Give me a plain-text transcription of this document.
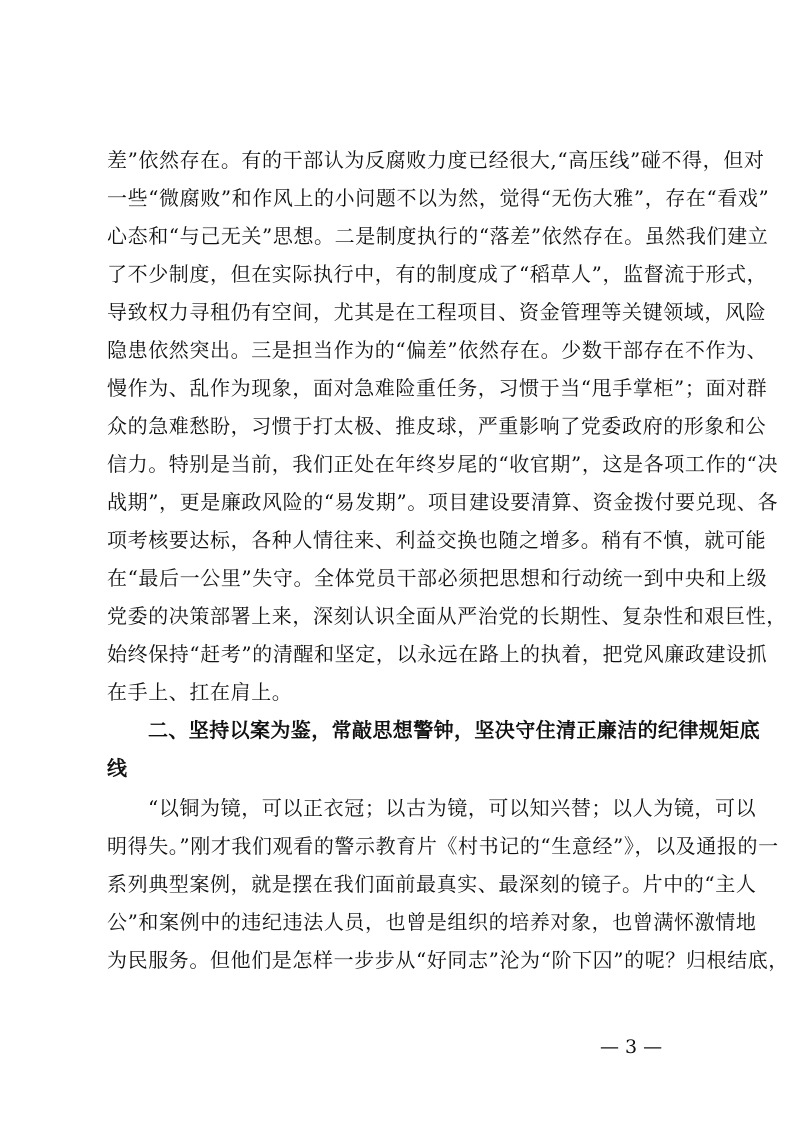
差”依然存在。有的干部认为反腐败力度已经很大,“高压线”碰不得，但对
一些“微腐败”和作风上的小问题不以为然，觉得“无伤大雅”，存在“看戏”
心态和“与己无关”思想。二是制度执行的“落差”依然存在。虽然我们建立
了不少制度，但在实际执行中，有的制度成了“稻草人”，监督流于形式，
导致权力寻租仍有空间，尤其是在工程项目、资金管理等关键领域，风险
隐患依然突出。三是担当作为的“偏差”依然存在。少数干部存在不作为、
慢作为、乱作为现象，面对急难险重任务，习惯于当“甩手掌柜”；面对群
众的急难愁盼，习惯于打太极、推皮球，严重影响了党委政府的形象和公
信力。特别是当前，我们正处在年终岁尾的“收官期”，这是各项工作的“决
战期”，更是廉政风险的“易发期”。项目建设要清算、资金拨付要兑现、各
项考核要达标，各种人情往来、利益交换也随之增多。稍有不慎，就可能
在“最后一公里”失守。全体党员干部必须把思想和行动统一到中央和上级
党委的决策部署上来，深刻认识全面从严治党的长期性、复杂性和艰巨性，
始终保持“赶考”的清醒和坚定，以永远在路上的执着，把党风廉政建设抓
在手上、扛在肩上。
二、坚持以案为鉴，常敲思想警钟，坚决守住清正廉洁的纪律规矩底
线
“以铜为镜，可以正衣冠；以古为镜，可以知兴替；以人为镜，可以
明得失。”刚才我们观看的警示教育片《村书记的“生意经”》，以及通报的一
系列典型案例，就是摆在我们面前最真实、最深刻的镜子。片中的“主人
公”和案例中的违纪违法人员，也曾是组织的培养对象，也曾满怀激情地
为民服务。但他们是怎样一步步从“好同志”沦为“阶下囚”的呢？归根结底，
— 3 —
